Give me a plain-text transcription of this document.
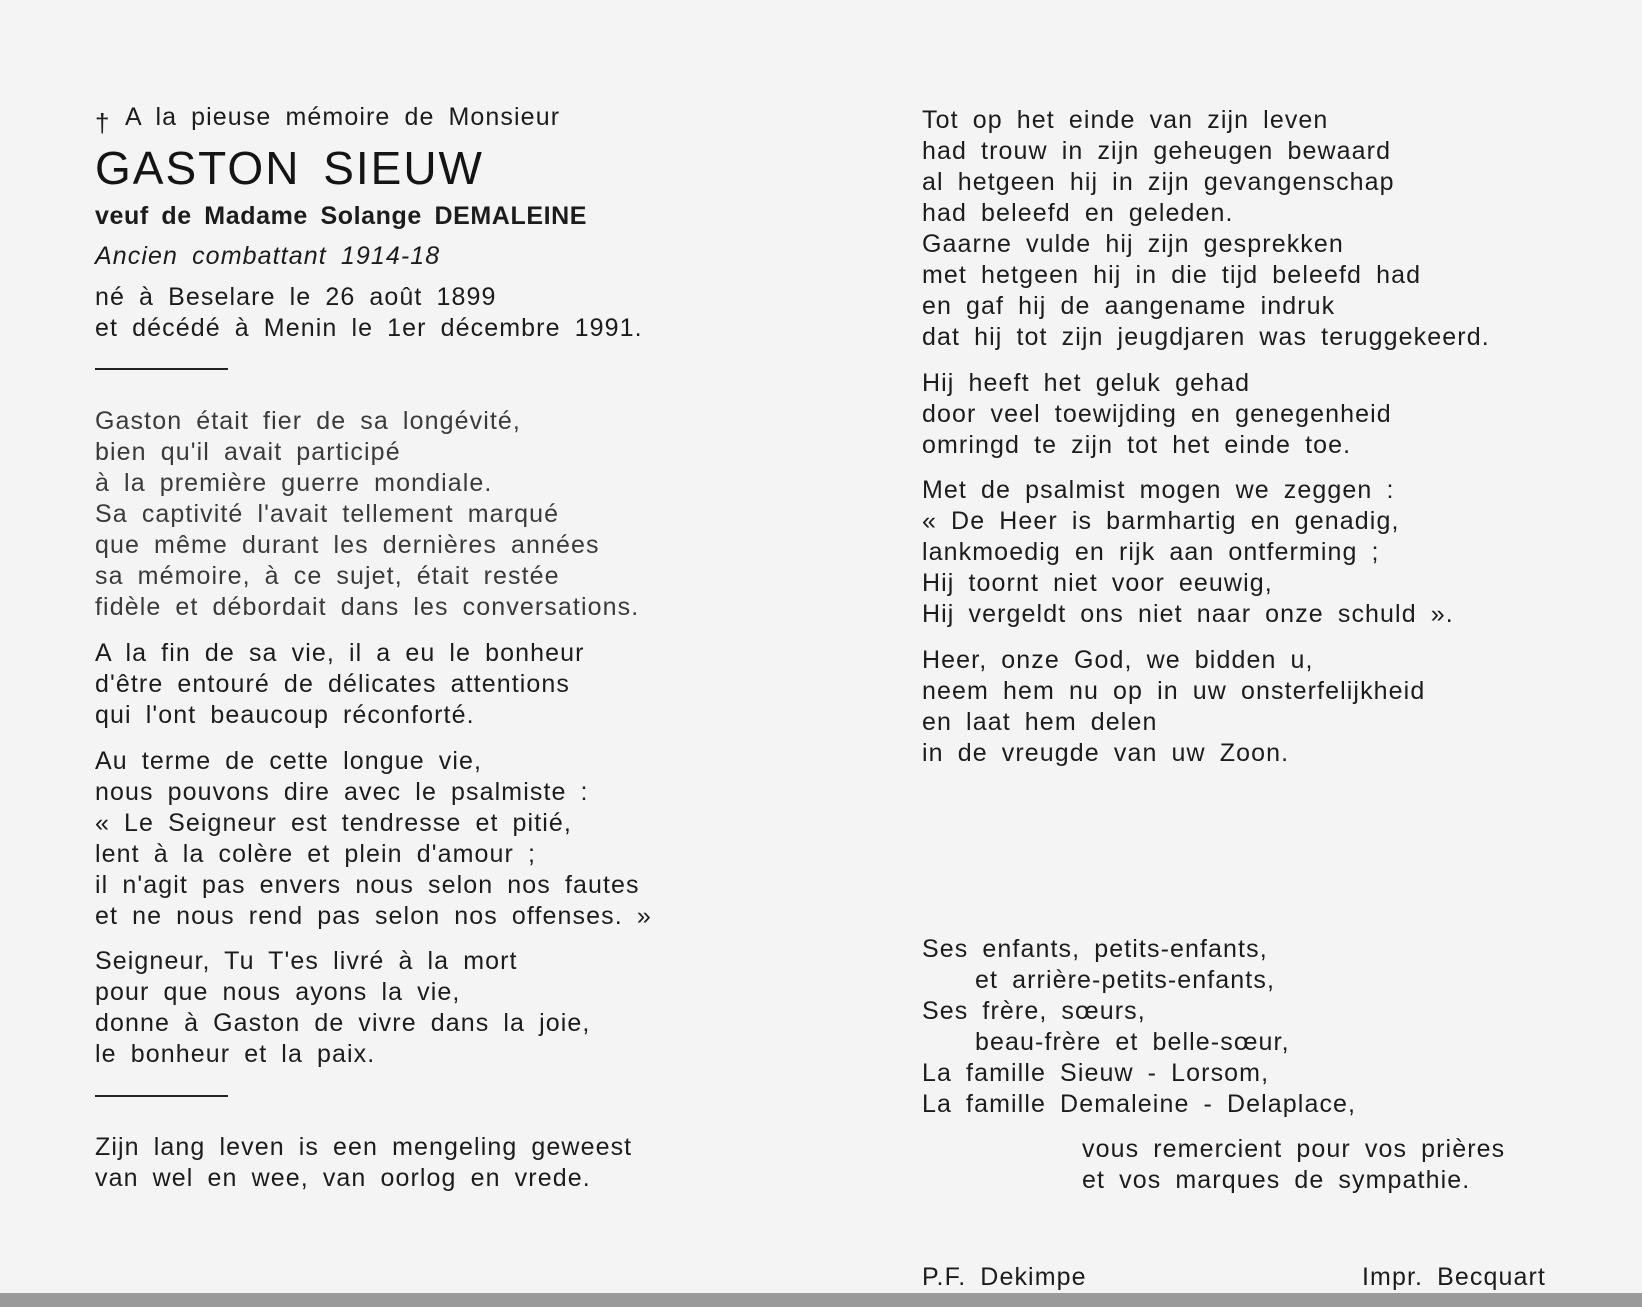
† A la pieuse mémoire de Monsieur
GASTON SIEUW
veuf de Madame Solange DEMALEINE
Ancien combattant 1914-18
né à Beselare le 26 août 1899
et décédé à Menin le 1er décembre 1991.
Gaston était fier de sa longévité,
bien qu'il avait participé
à la première guerre mondiale.
Sa captivité l'avait tellement marqué
que même durant les dernières années
sa mémoire, à ce sujet, était restée
fidèle et débordait dans les conversations.
A la fin de sa vie, il a eu le bonheur
d'être entouré de délicates attentions
qui l'ont beaucoup réconforté.
Au terme de cette longue vie,
nous pouvons dire avec le psalmiste :
« Le Seigneur est tendresse et pitié,
lent à la colère et plein d'amour ;
il n'agit pas envers nous selon nos fautes
et ne nous rend pas selon nos offenses. »
Seigneur, Tu T'es livré à la mort
pour que nous ayons la vie,
donne à Gaston de vivre dans la joie,
le bonheur et la paix.
Zijn lang leven is een mengeling geweest
van wel en wee, van oorlog en vrede.
Tot op het einde van zijn leven
had trouw in zijn geheugen bewaard
al hetgeen hij in zijn gevangenschap
had beleefd en geleden.
Gaarne vulde hij zijn gesprekken
met hetgeen hij in die tijd beleefd had
en gaf hij de aangename indruk
dat hij tot zijn jeugdjaren was teruggekeerd.
Hij heeft het geluk gehad
door veel toewijding en genegenheid
omringd te zijn tot het einde toe.
Met de psalmist mogen we zeggen :
« De Heer is barmhartig en genadig,
lankmoedig en rijk aan ontferming ;
Hij toornt niet voor eeuwig,
Hij vergeldt ons niet naar onze schuld ».
Heer, onze God, we bidden u,
neem hem nu op in uw onsterfelijkheid
en laat hem delen
in de vreugde van uw Zoon.
Ses enfants, petits-enfants,
et arrière-petits-enfants,
Ses frère, sœurs,
beau-frère et belle-sœur,
La famille Sieuw - Lorsom,
La famille Demaleine - Delaplace,
vous remercient pour vos prières
et vos marques de sympathie.
P.F. Dekimpe	Impr. Becquart
